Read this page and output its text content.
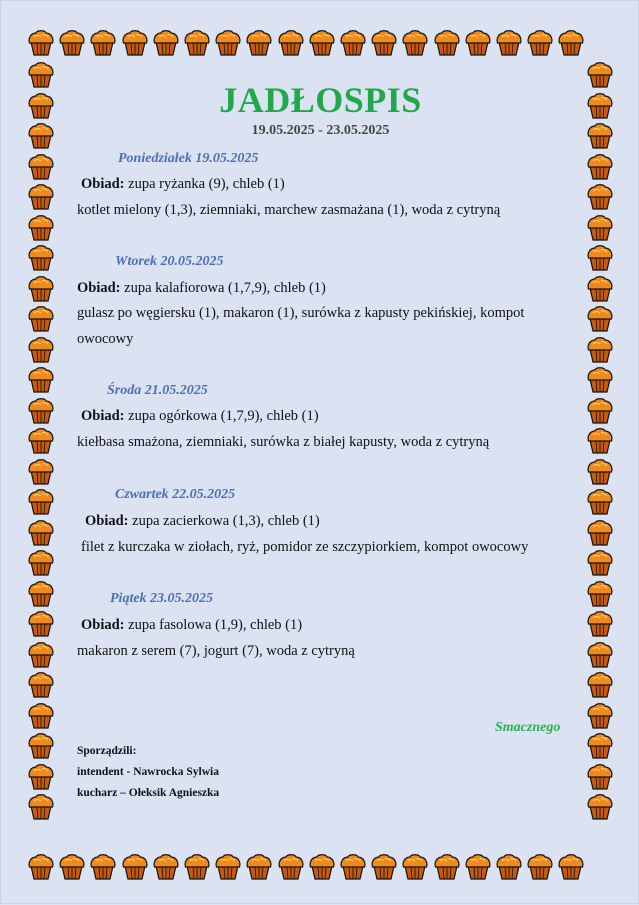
JADŁOSPIS
19.05.2025 - 23.05.2025
Poniedziałek 19.05.2025
Obiad: zupa ryżanka (9), chleb (1)
kotlet mielony (1,3), ziemniaki, marchew zasmażana (1), woda z cytryną
Wtorek 20.05.2025
Obiad: zupa kalafiorowa (1,7,9), chleb (1)
gulasz po węgiersku (1), makaron (1), surówka z kapusty pekińskiej, kompot
owocowy
Środa 21.05.2025
Obiad: zupa ogórkowa (1,7,9), chleb (1)
kiełbasa smażona, ziemniaki, surówka z białej kapusty, woda z cytryną
Czwartek 22.05.2025
Obiad: zupa zacierkowa (1,3), chleb (1)
filet z kurczaka w ziołach, ryż, pomidor ze szczypiorkiem, kompot owocowy
Piątek 23.05.2025
Obiad: zupa fasolowa (1,9), chleb (1)
makaron z serem (7), jogurt (7), woda z cytryną
Smacznego
Sporządzili:
intendent - Nawrocka Sylwia
kucharz – Ołeksik Agnieszka
